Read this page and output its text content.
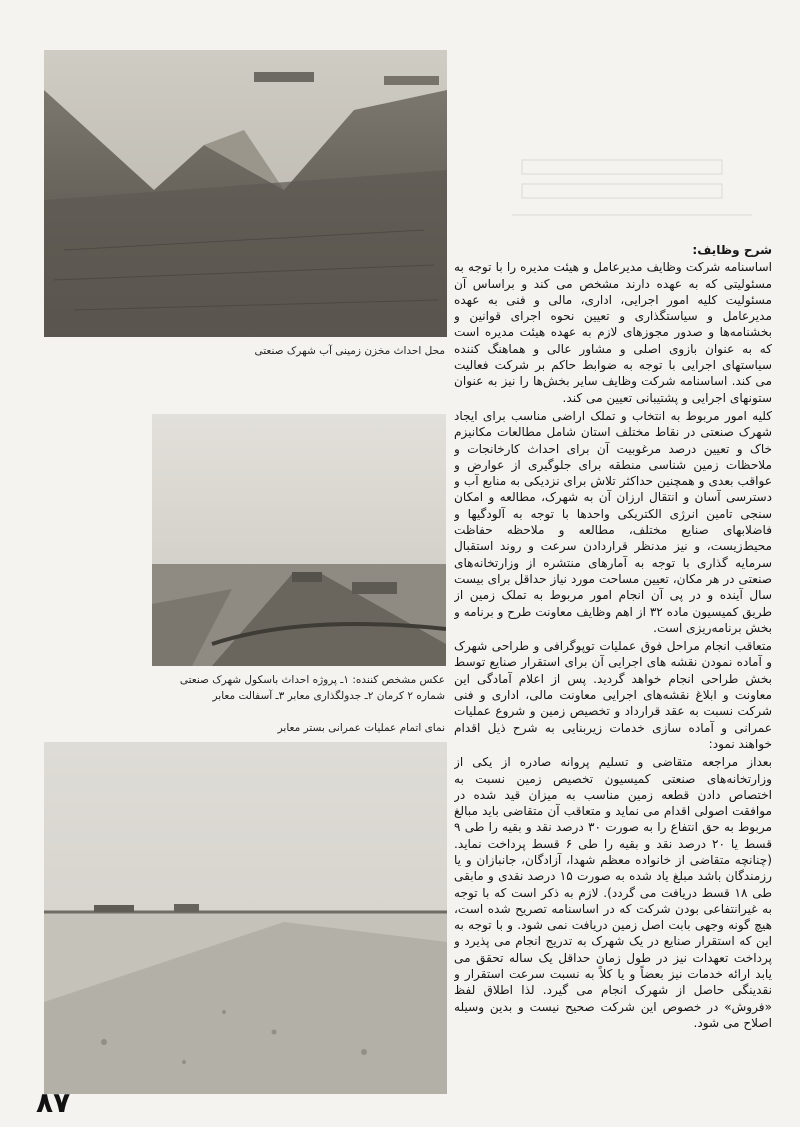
محل احداث مخزن زمینی آب شهرک صنعتی
عکس مشخص کننده: ۱ـ پروژه احداث باسکول شهرک صنعتی شماره ۲ کرمان ۲ـ جدولگذاری معابر ۳ـ آسفالت معابر
نمای اتمام عملیات عمرانی بستر معابر

شرح وظایف:

اساسنامه شرکت وظایف مدیرعامل و هیئت مدیره را با توجه به مسئولیتی که به عهده دارند مشخص می کند و براساس آن مسئولیت کلیه امور اجرایی، اداری، مالی و فنی به عهده مدیرعامل و سیاستگذاری و تعیین نحوه اجرای قوانین و بخشنامه‌ها و صدور مجوزهای لازم به عهده هیئت مدیره است که به عنوان بازوی اصلی و مشاور عالی و هماهنگ کننده سیاستهای اجرایی با توجه به ضوابط حاکم بر شرکت فعالیت می کند. اساسنامه شرکت وظایف سایر بخش‌ها را نیز به عنوان ستونهای اجرایی و پشتیبانی تعیین می کند.

کلیه امور مربوط به انتخاب و تملک اراضی مناسب برای ایجاد شهرک صنعتی در نقاط مختلف استان شامل مطالعات مکانیزم خاک و تعیین درصد مرغوبیت آن برای احداث کارخانجات و ملاحظات زمین شناسی منطقه برای جلوگیری از عوارض و عواقب بعدی و همچنین حداکثر تلاش برای نزدیکی به منابع آب و دسترسی آسان و انتقال ارزان آن به شهرک، مطالعه و امکان سنجی تامین انرژی الکتریکی واحدها با توجه به آلودگیها و فاضلابهای صنایع مختلف، مطالعه و ملاحظه حفاظت محیط‌زیست، و نیز مدنظر قراردادن سرعت و روند استقبال سرمایه گذاری با توجه به آمارهای منتشره از وزارتخانه‌های صنعتی در هر مکان، تعیین مساحت مورد نیاز حداقل برای بیست سال آینده و در پی آن انجام امور مربوط به تملک زمین از طریق کمیسیون ماده ۳۲ از اهم وظایف معاونت طرح و برنامه و بخش برنامه‌ریزی است.

متعاقب انجام مراحل فوق عملیات توپوگرافی و طراحی شهرک و آماده نمودن نقشه های اجرایی آن برای استقرار صنایع توسط بخش طراحی انجام خواهد گردید. پس از اعلام آمادگی این معاونت و ابلاغ نقشه‌های اجرایی معاونت مالی، اداری و فنی شرکت نسبت به عقد قرارداد و تخصیص زمین و شروع عملیات عمرانی و آماده سازی خدمات زیربنایی به شرح ذیل اقدام خواهند نمود:

بعداز مراجعه متقاضی و تسلیم پروانه صادره از یکی از وزارتخانه‌های صنعتی کمیسیون تخصیص زمین نسبت به اختصاص دادن قطعه زمین مناسب به میزان قید شده در موافقت اصولی اقدام می نماید و متعاقب آن متقاضی باید مبالغ مربوط به حق انتفاع را به صورت ۳۰ درصد نقد و بقیه را طی ۹ قسط یا ۲۰ درصد نقد و بقیه را طی ۶ قسط پرداخت نماید. (چنانچه متقاضی از خانواده معظم شهدا، آزادگان، جانبازان و یا رزمندگان باشد مبلغ یاد شده به صورت ۱۵ درصد نقدی و مابقی طی ۱۸ قسط دریافت می گردد). لازم به ذکر است که با توجه به غیرانتفاعی بودن شرکت که در اساسنامه تصریح شده است، هیچ گونه وجهی بابت اصل زمین دریافت نمی شود. و با توجه به این که استقرار صنایع در یک شهرک به تدریج انجام می پذیرد و پرداخت تعهدات نیز در طول زمان حداقل یک ساله تحقق می یابد ارائه خدمات نیز بعضاً و یا کلاً به نسبت سرعت استقرار و نقدینگی حاصل از شهرک انجام می گیرد. لذا اطلاق لفظ «فروش» در خصوص این شرکت صحیح نیست و بدین وسیله اصلاح می شود.

۸۷
